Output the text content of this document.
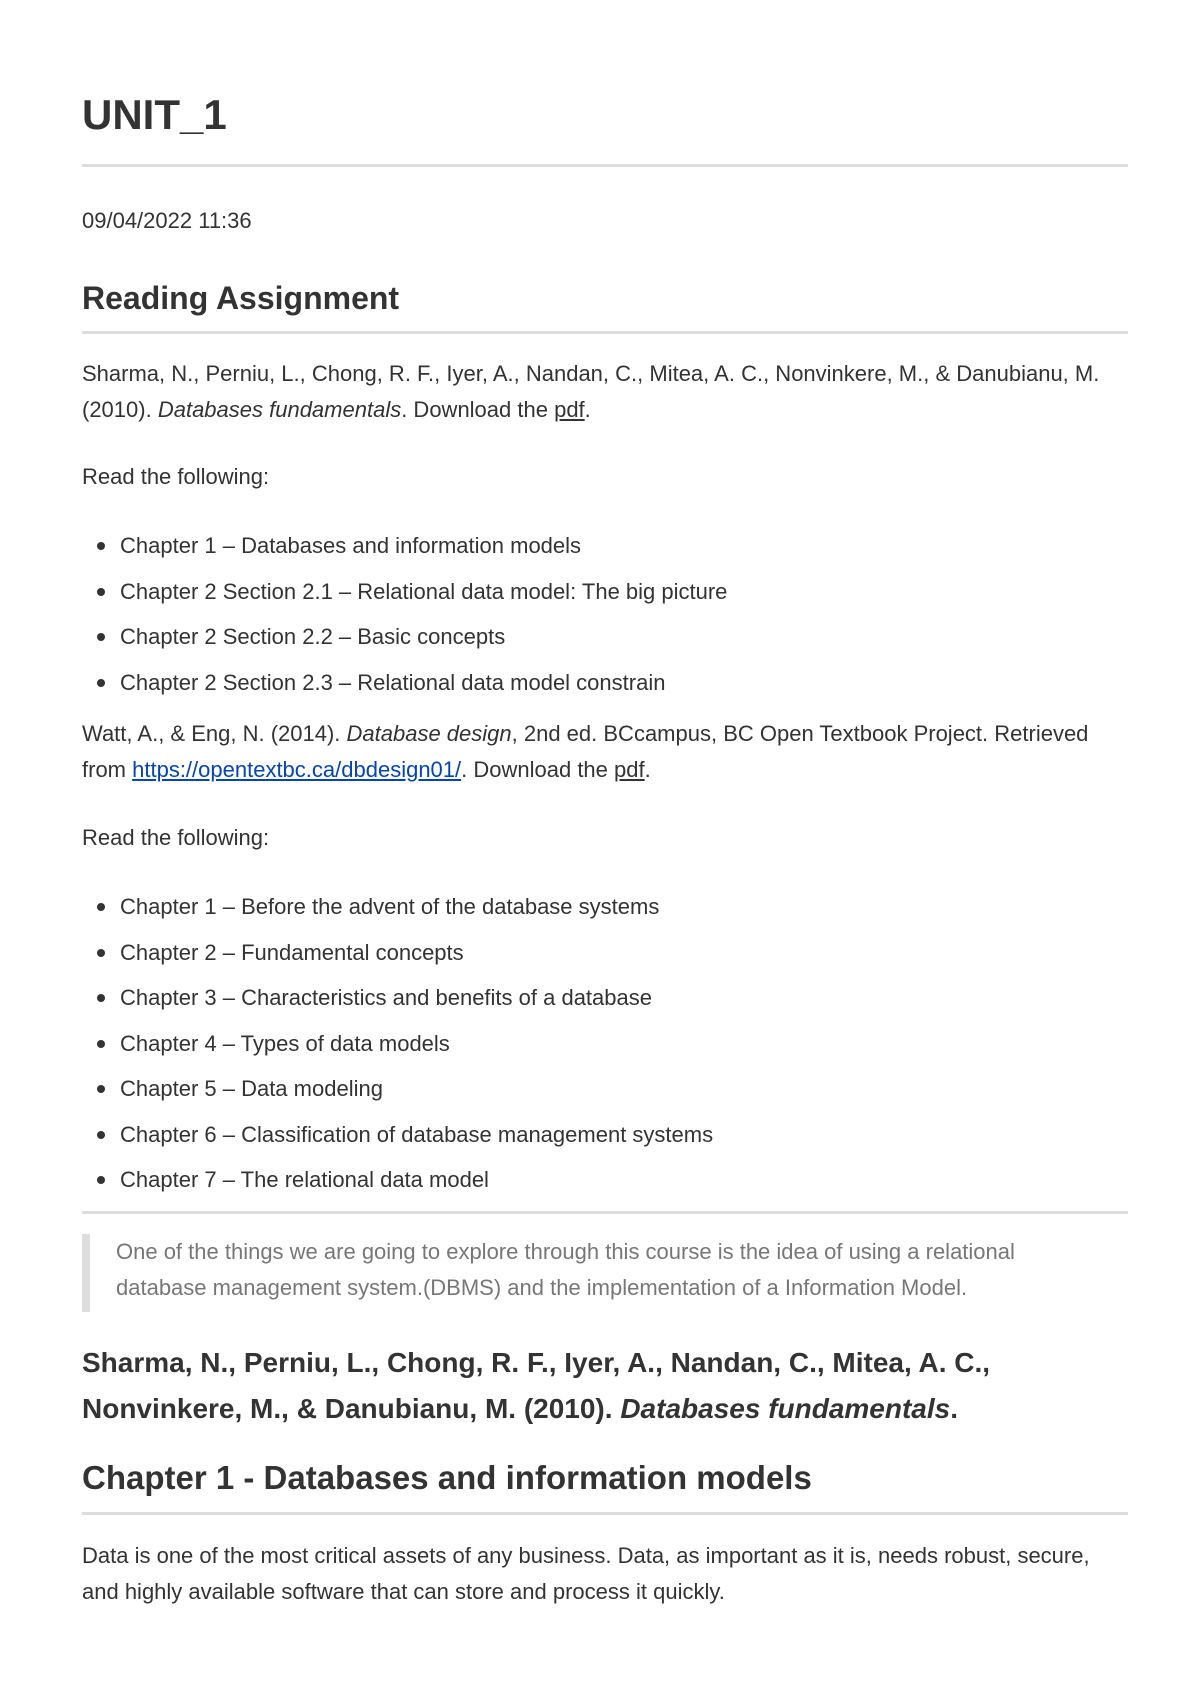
UNIT_1
09/04/2022 11:36
Reading Assignment

Sharma, N., Perniu, L., Chong, R. F., Iyer, A., Nandan, C., Mitea, A. C., Nonvinkere, M., & Danubianu, M. (2010). Databases fundamentals. Download the pdf.

Read the following:

Chapter 1 – Databases and information models
Chapter 2 Section 2.1 – Relational data model: The big picture
Chapter 2 Section 2.2 – Basic concepts
Chapter 2 Section 2.3 – Relational data model constrain

Watt, A., & Eng, N. (2014). Database design, 2nd ed. BCcampus, BC Open Textbook Project. Retrieved from https://opentextbc.ca/dbdesign01/. Download the pdf.

Read the following:

Chapter 1 – Before the advent of the database systems
Chapter 2 – Fundamental concepts
Chapter 3 – Characteristics and benefits of a database
Chapter 4 – Types of data models
Chapter 5 – Data modeling
Chapter 6 – Classification of database management systems
Chapter 7 – The relational data model

One of the things we are going to explore through this course is the idea of using a relational database management system.(DBMS) and the implementation of a Information Model.

Sharma, N., Perniu, L., Chong, R. F., Iyer, A., Nandan, C., Mitea, A. C., Nonvinkere, M., & Danubianu, M. (2010). Databases fundamentals.
Chapter 1 - Databases and information models

Data is one of the most critical assets of any business. Data, as important as it is, needs robust, secure, and highly available software that can store and process it quickly.
